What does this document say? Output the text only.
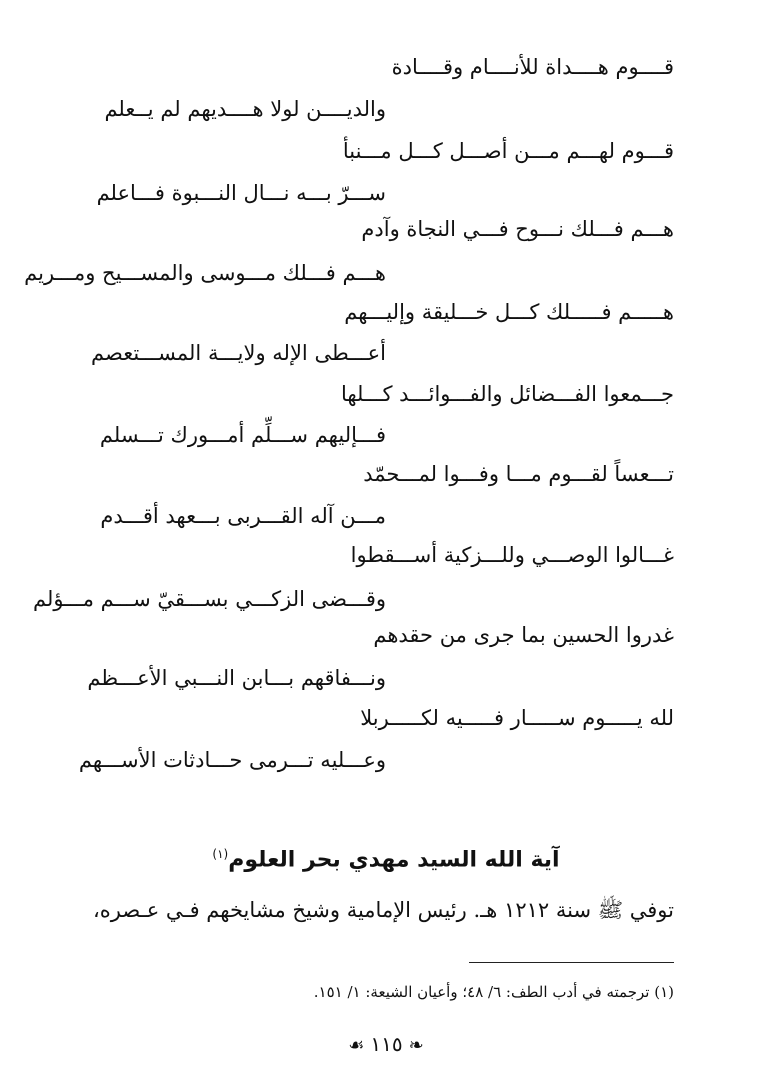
قــــوم هــــداة للأنــــام وقــــادة
والديــــن لولا هــــديهم لم يــعلم
قـــوم لهـــم مـــن أصـــل كـــل مـــنبأ
ســـرّ بـــه نـــال النـــبوة فـــاعلم
هـــم فـــلك نـــوح فـــي النجاة وآدم
هـــم فـــلك مـــوسى والمســـيح ومـــريم
هـــــم فـــــلك كـــل خـــليقة وإليـــهم
أعـــطى الإله ولايـــة المســـتعصم
جـــمعوا الفـــضائل والفـــوائـــد كـــلها
فـــإليهم ســـلِّم أمـــورك تـــسلم
تـــعساً لقـــوم مـــا وفـــوا لمـــحمّد
مـــن آله القـــربى بـــعهد أقـــدم
غـــالوا الوصـــي وللـــزكية أســـقطوا
وقـــضى الزكـــي بســـقيّ ســـم مـــؤلم
غدروا الحسين بما جرى من حقدهم
ونـــفاقهم بـــابن النـــبي الأعـــظم
لله يـــــوم ســـــار فـــــيه لكـــــربلا
وعـــليه تـــرمى حـــادثات الأســـهم
آية الله السيد مهدي بحر العلوم$^{(١)}$
توفي ﷺ سنة ١٢١٢ هـ. رئيس الإمامية وشيخ مشايخهم فـي عـصره،
(١) ترجمته في أدب الطف: ٦/ ٤٨؛ وأعيان الشيعة: ١/ ١٥١.
❧١١٥☙
